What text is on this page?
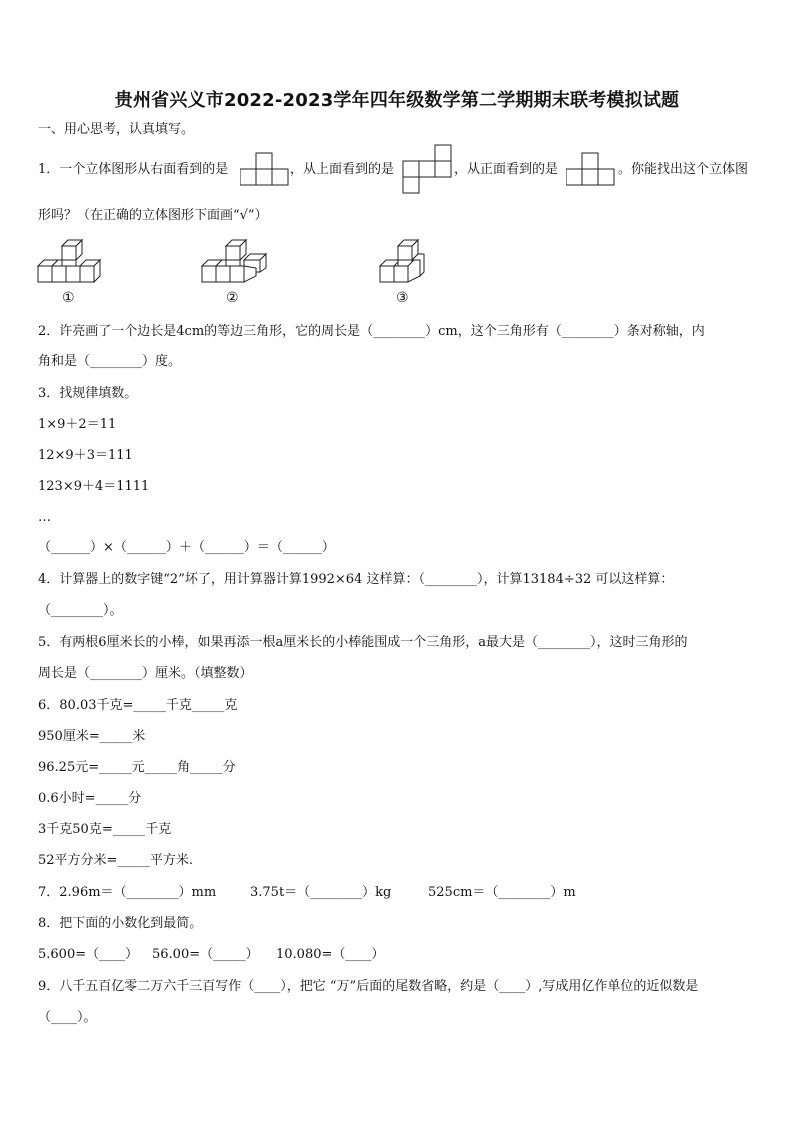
贵州省兴义市2022-2023学年四年级数学第二学期期末联考模拟试题
一、用心思考，认真填写。
1．一个立体图形从右面看到的是	，从上面看到的是	，从正面看到的是	。你能找出这个立体图
形吗？（在正确的立体图形下面画“√”）
①	②	③
2．许亮画了一个边长是4cm的等边三角形，它的周长是（________）cm，这个三角形有（________）条对称轴，内
角和是（________）度。
3．找规律填数。
1×9＋2＝11
12×9＋3＝111
123×9＋4＝1111
…
（______）×（______）＋（______）＝（______）
4．计算器上的数字键“2”坏了，用计算器计算1992×64 这样算：（________），计算13184÷32 可以这样算：
（________）。
5．有两根6厘米长的小棒，如果再添一根a厘米长的小棒能围成一个三角形，a最大是（________），这时三角形的
周长是（________）厘米。（填整数）
6．80.03千克=_____千克_____克
950厘米=_____米
96.25元=_____元_____角_____分
0.6小时=_____分
3千克50克=_____千克
52平方分米=_____平方米.
7．2.96m＝（________）mm	3.75t＝（________）kg	525cm＝（________）m
8．把下面的小数化到最简。
5.600=（____） 56.00=（_____） 10.080=（____）
9．八千五百亿零二万六千三百写作（____），把它 “万”后面的尾数省略，约是（____）,写成用亿作单位的近似数是
（____）。
